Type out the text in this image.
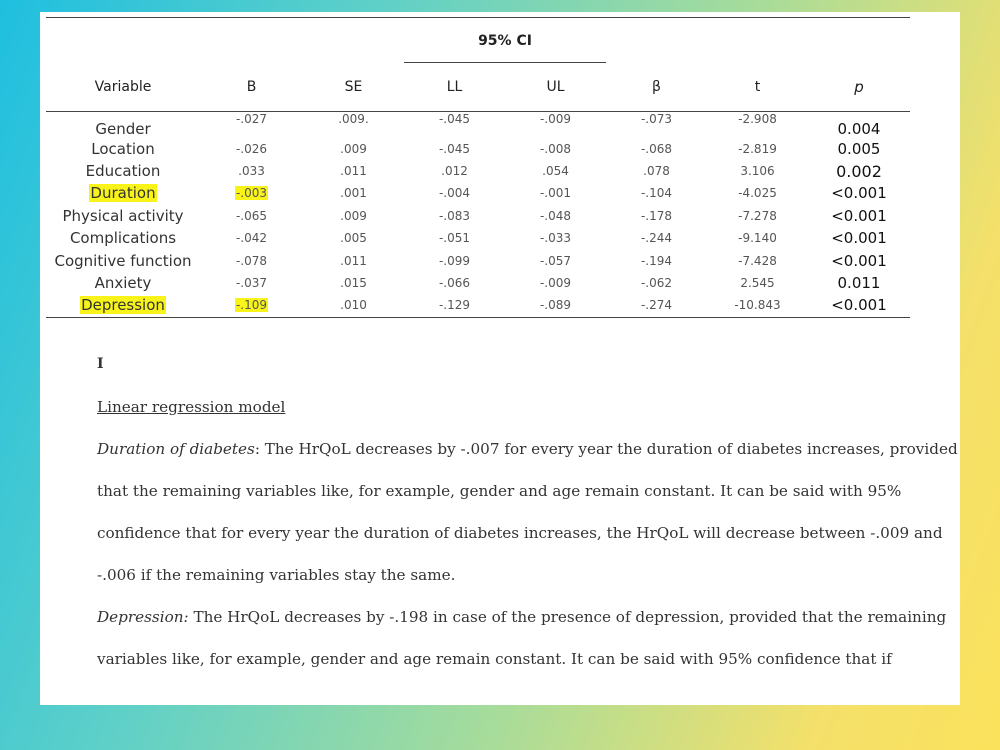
			95% CI				
Variable	B	SE	LL	UL	β	t	p
Gender	-.027	.009.	-.045	-.009	-.073	-2.908	0.004
Location	-.026	.009	-.045	-.008	-.068	-2.819	0.005
Education	.033	.011	.012	.054	.078	3.106	0.002
Duration	-.003	.001	-.004	-.001	-.104	-4.025	<0.001
Physical activity	-.065	.009	-.083	-.048	-.178	-7.278	<0.001
Complications	-.042	.005	-.051	-.033	-.244	-9.140	<0.001
Cognitive function	-.078	.011	-.099	-.057	-.194	-7.428	<0.001
Anxiety	-.037	.015	-.066	-.009	-.062	2.545	0.011
Depression	-.109	.010	-.129	-.089	-.274	-10.843	<0.001
I
Linear regression model
Duration of diabetes: The HrQoL decreases by -.007 for every year the duration of diabetes increases, provided
that the remaining variables like, for example, gender and age remain constant. It can be said with 95%
confidence that for every year the duration of diabetes increases, the HrQoL will decrease between -.009 and
-.006 if the remaining variables stay the same.
Depression: The HrQoL decreases by -.198 in case of the presence of depression, provided that the remaining
variables like, for example, gender and age remain constant. It can be said with 95% confidence that if
